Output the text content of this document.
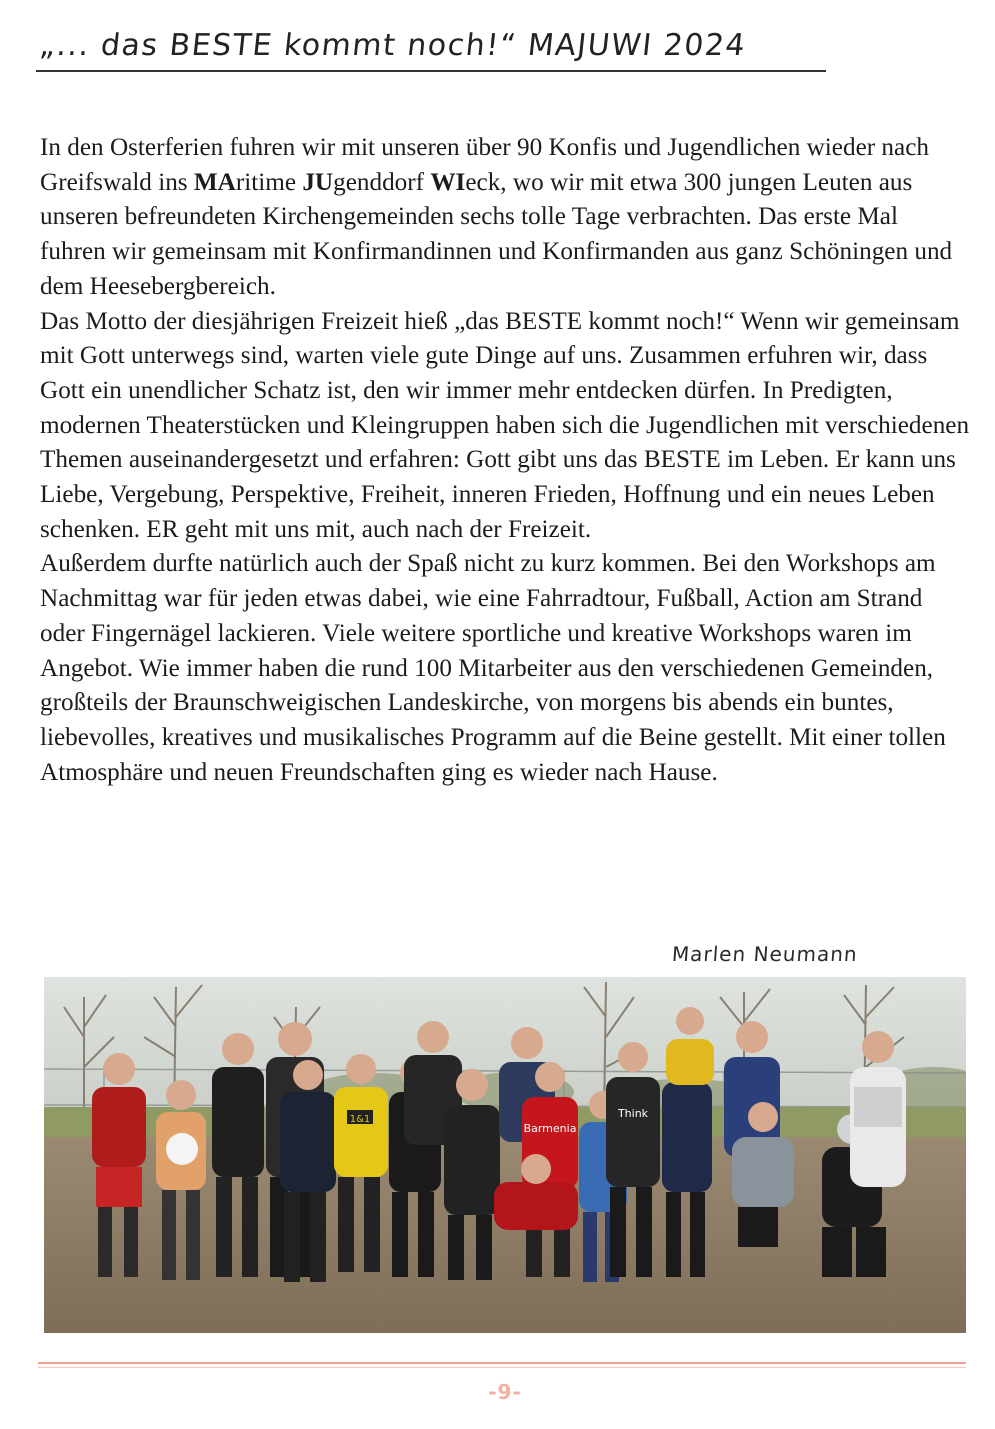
„... das BESTE kommt noch!“ MAJUWI 2024

In den Osterferien fuhren wir mit unseren über 90 Konfis und Jugendlichen wieder nach Greifswald ins MAritime JUgenddorf WIeck, wo wir mit etwa 300 jungen Leuten aus unseren befreundeten Kirchengemeinden sechs tolle Tage verbrachten. Das erste Mal fuhren wir gemeinsam mit Konfirmandinnen und Konfirmanden aus ganz Schöningen und dem Heesebergbereich.

Das Motto der diesjährigen Freizeit hieß „das BESTE kommt noch!“ Wenn wir gemeinsam mit Gott unterwegs sind, warten viele gute Dinge auf uns. Zusammen erfuhren wir, dass Gott ein unendlicher Schatz ist, den wir immer mehr entdecken dürfen. In Predigten, modernen Theaterstücken und Kleingruppen haben sich die Jugendlichen mit verschiedenen Themen auseinandergesetzt und erfahren: Gott gibt uns das BESTE im Leben. Er kann uns Liebe, Vergebung, Perspektive, Freiheit, inneren Frieden, Hoffnung und ein neues Leben schenken. ER geht mit uns mit, auch nach der Freizeit.

Außerdem durfte natürlich auch der Spaß nicht zu kurz kommen. Bei den Workshops am Nachmittag war für jeden etwas dabei, wie eine Fahrradtour, Fußball, Action am Strand oder Fingernägel lackieren. Viele weitere sportliche und kreative Workshops waren im Angebot. Wie immer haben die rund 100 Mitarbeiter aus den verschiedenen Gemeinden, großteils der Braunschweigischen Landeskirche, von morgens bis abends ein buntes, liebevolles, kreatives und musikalisches Programm auf die Beine gestellt. Mit einer tollen Atmosphäre und neuen Freundschaften ging es wieder nach Hause.

Marlen Neumann
1&1
Barmenia
Think
-9-
